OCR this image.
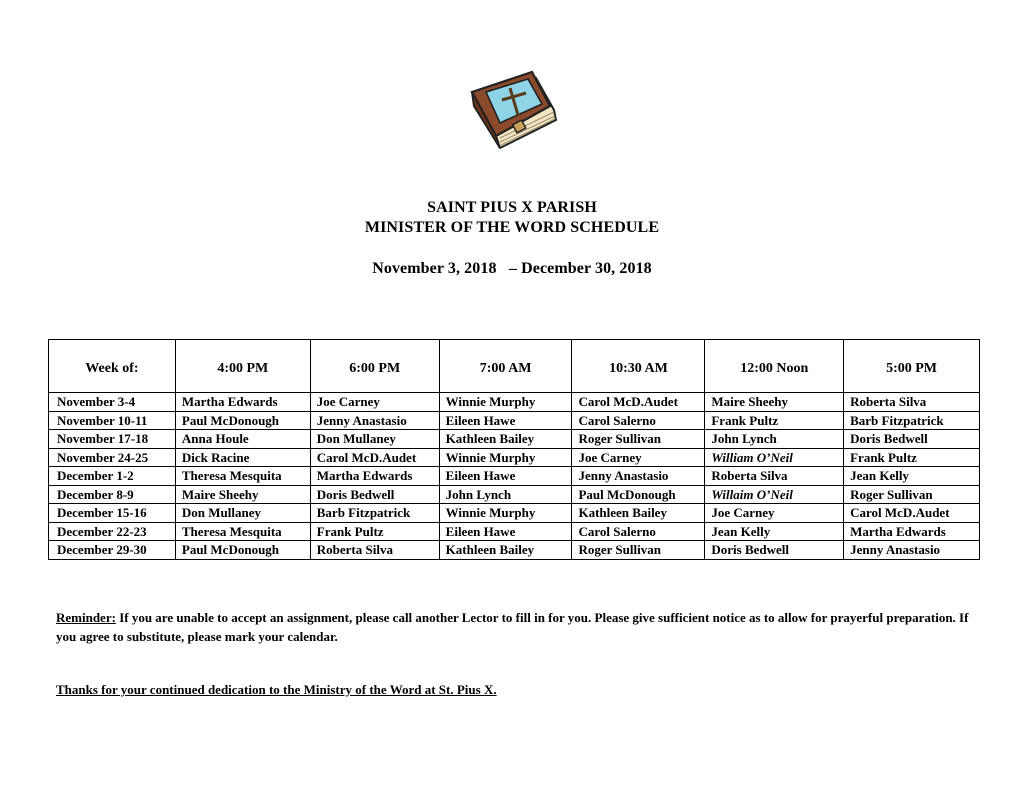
SAINT PIUS X PARISH
MINISTER OF THE WORD SCHEDULE
November 3, 2018   – December 30, 2018
Week of:	4:00 PM	6:00 PM	7:00 AM	10:30 AM	12:00 Noon	5:00 PM
November 3-4	Martha Edwards	Joe Carney	Winnie Murphy	Carol McD.Audet	Maire Sheehy	Roberta Silva
November 10-11	Paul McDonough	Jenny Anastasio	Eileen Hawe	Carol Salerno	Frank Pultz	Barb Fitzpatrick
November 17-18	Anna Houle	Don Mullaney	Kathleen Bailey	Roger Sullivan	John Lynch	Doris Bedwell
November 24-25	Dick Racine	Carol McD.Audet	Winnie Murphy	Joe Carney	William O’Neil	Frank Pultz
December 1-2	Theresa Mesquita	Martha Edwards	Eileen Hawe	Jenny Anastasio	Roberta Silva	Jean Kelly
December 8-9	Maire Sheehy	Doris Bedwell	John Lynch	Paul McDonough	Willaim O’Neil	Roger Sullivan
December 15-16	Don Mullaney	Barb Fitzpatrick	Winnie Murphy	Kathleen Bailey	Joe Carney	Carol McD.Audet
December 22-23	Theresa Mesquita	Frank Pultz	Eileen Hawe	Carol Salerno	Jean Kelly	Martha Edwards
December 29-30	Paul McDonough	Roberta Silva	Kathleen Bailey	Roger Sullivan	Doris Bedwell	Jenny Anastasio
Reminder: If you are unable to accept an assignment, please call another Lector to fill in for you. Please give sufficient notice as to allow for prayerful preparation. If you agree to substitute, please mark your calendar.
Thanks for your continued dedication to the Ministry of the Word at St. Pius X.
